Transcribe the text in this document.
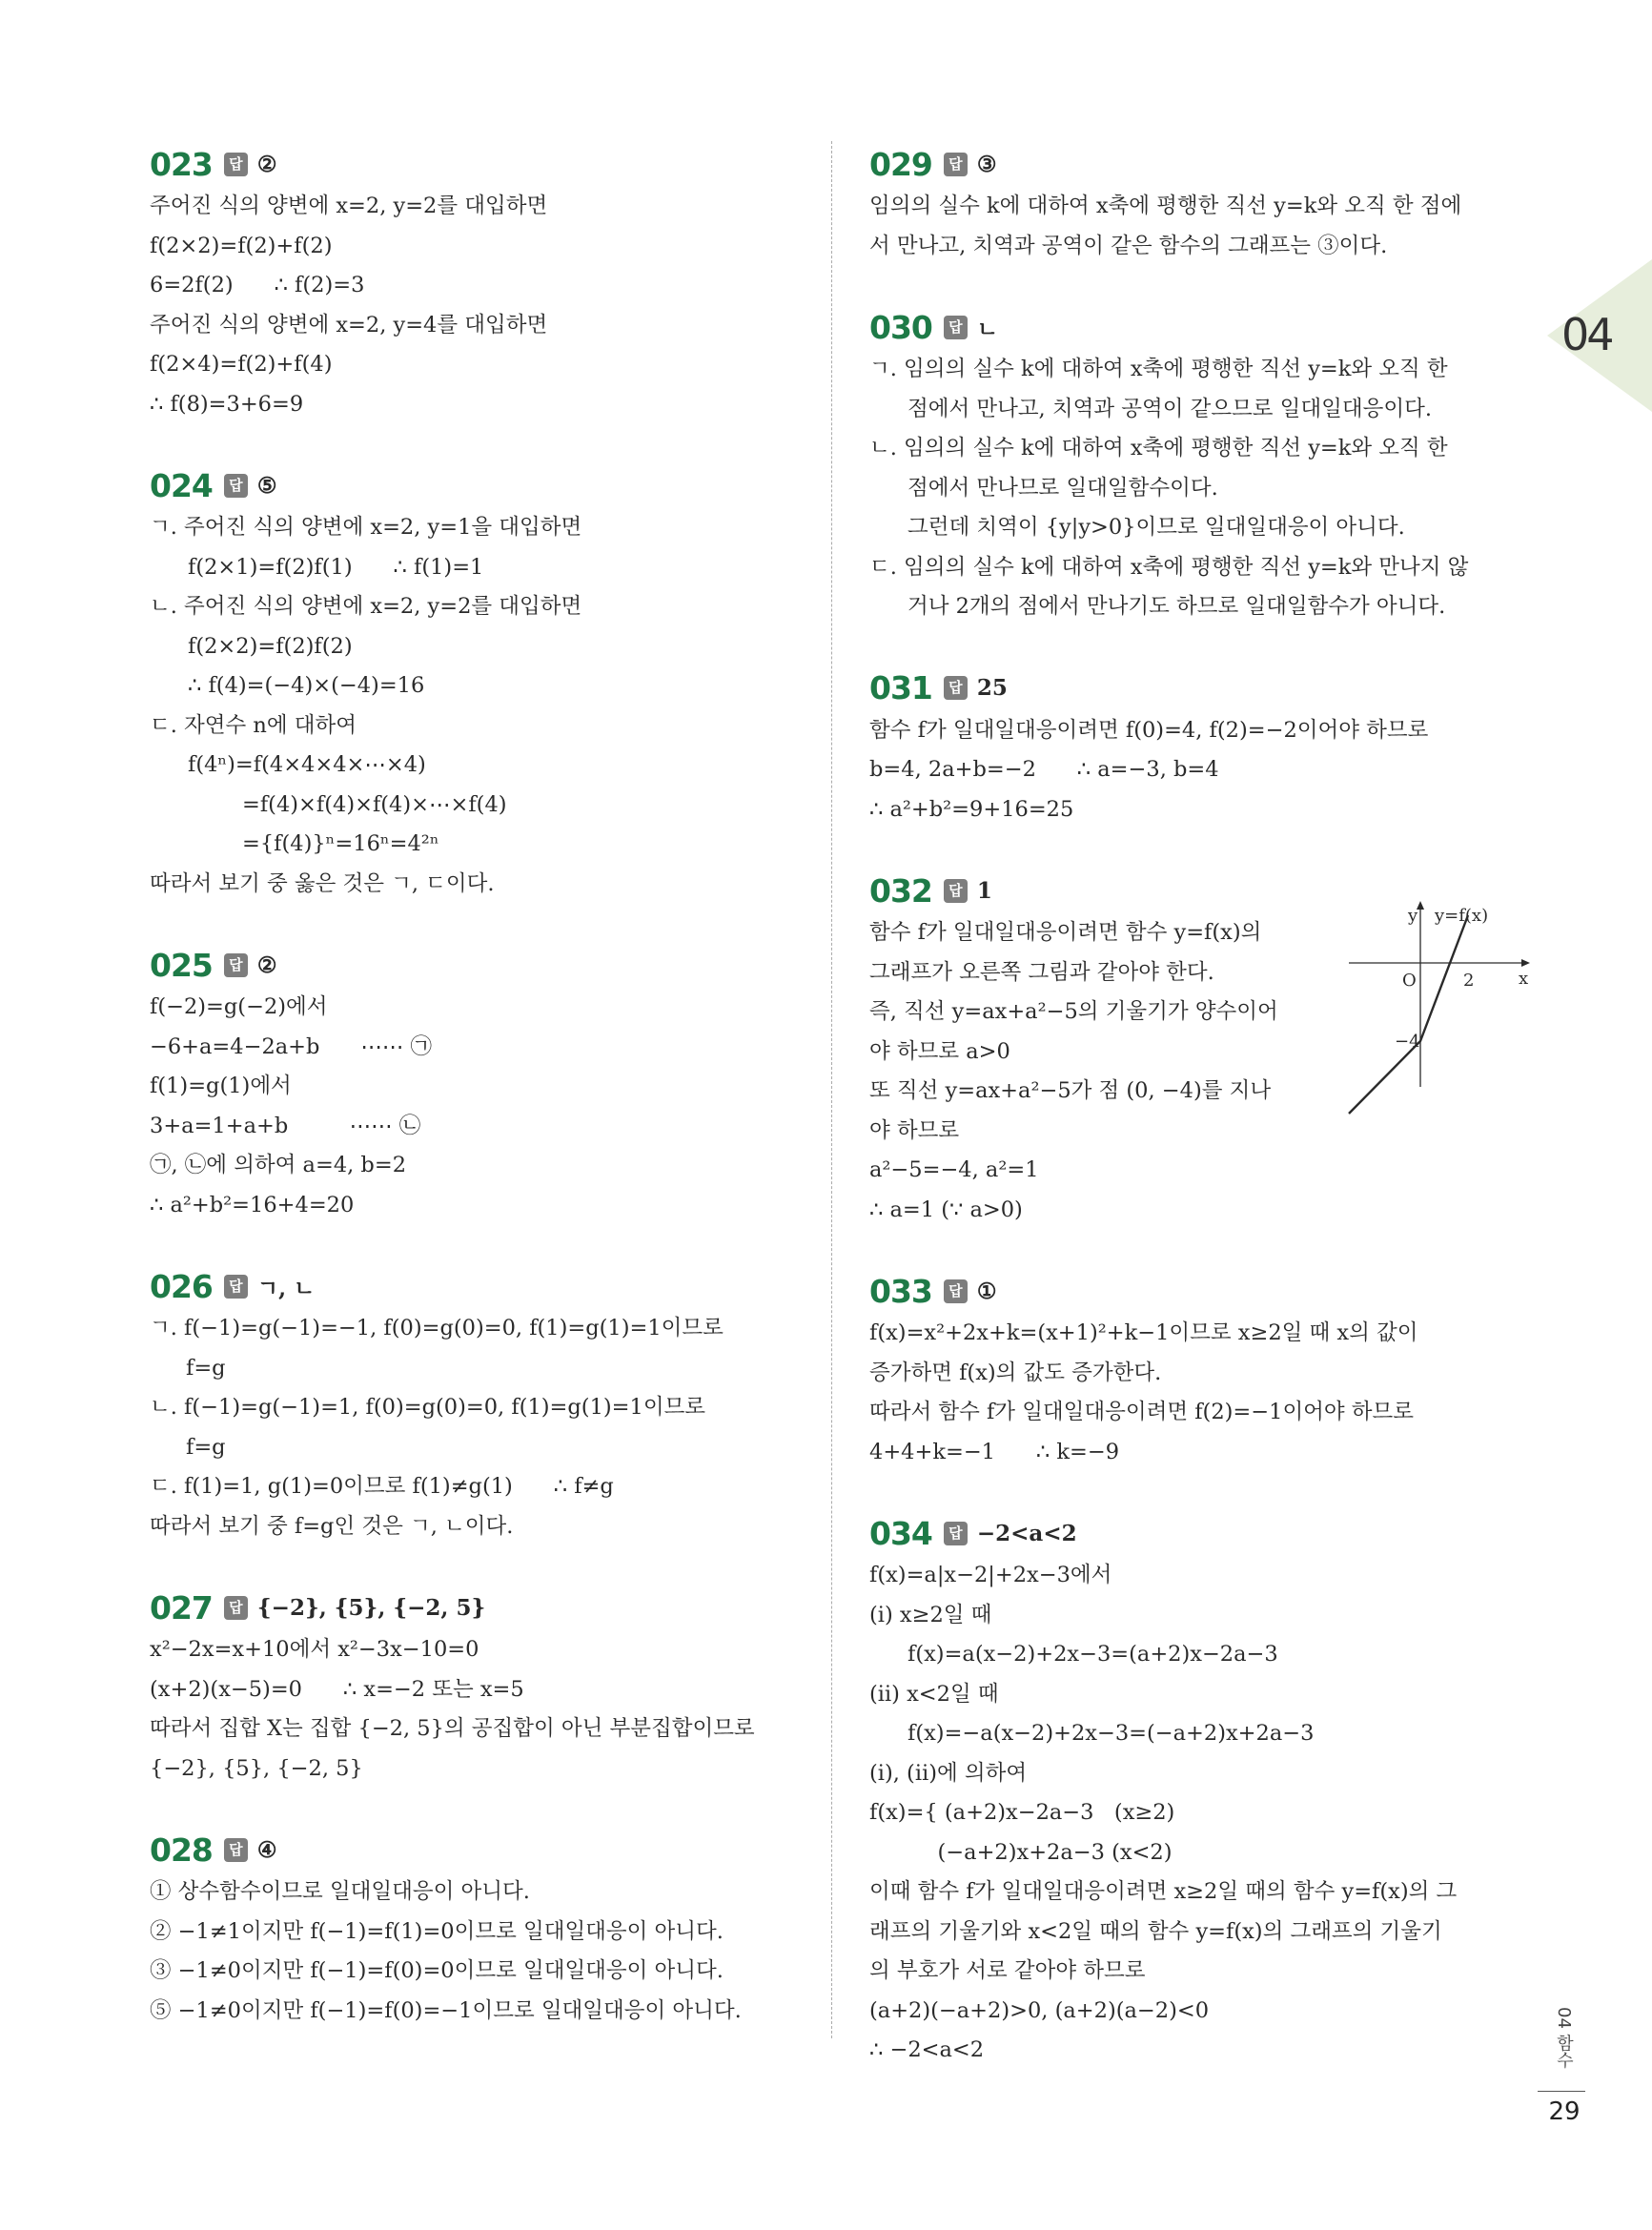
04
023	답 ②
주어진 식의 양변에 x=2, y=2를 대입하면
f(2×2)=f(2)+f(2)
6=2f(2)      ∴ f(2)=3
주어진 식의 양변에 x=2, y=4를 대입하면
f(2×4)=f(2)+f(4)
∴ f(8)=3+6=9
024	답 ⑤
ㄱ. 주어진 식의 양변에 x=2, y=1을 대입하면
f(2×1)=f(2)f(1)      ∴ f(1)=1
ㄴ. 주어진 식의 양변에 x=2, y=2를 대입하면
f(2×2)=f(2)f(2)
∴ f(4)=(−4)×(−4)=16
ㄷ. 자연수 n에 대하여
f(4ⁿ)=f(4×4×4×⋯×4)
=f(4)×f(4)×f(4)×⋯×f(4)
={f(4)}ⁿ=16ⁿ=4²ⁿ
따라서 보기 중 옳은 것은 ㄱ, ㄷ이다.
025	답 ②
f(−2)=g(−2)에서
−6+a=4−2a+b      ⋯⋯ ㉠
f(1)=g(1)에서
3+a=1+a+b         ⋯⋯ ㉡
㉠, ㉡에 의하여 a=4, b=2
∴ a²+b²=16+4=20
026	답 ㄱ, ㄴ
ㄱ. f(−1)=g(−1)=−1, f(0)=g(0)=0, f(1)=g(1)=1이므로
f=g
ㄴ. f(−1)=g(−1)=1, f(0)=g(0)=0, f(1)=g(1)=1이므로
f=g
ㄷ. f(1)=1, g(1)=0이므로 f(1)≠g(1)      ∴ f≠g
따라서 보기 중 f=g인 것은 ㄱ, ㄴ이다.
027	답 {−2}, {5}, {−2, 5}
x²−2x=x+10에서 x²−3x−10=0
(x+2)(x−5)=0      ∴ x=−2 또는 x=5
따라서 집합 X는 집합 {−2, 5}의 공집합이 아닌 부분집합이므로
{−2}, {5}, {−2, 5}
028	답 ④
① 상수함수이므로 일대일대응이 아니다.
② −1≠1이지만 f(−1)=f(1)=0이므로 일대일대응이 아니다.
③ −1≠0이지만 f(−1)=f(0)=0이므로 일대일대응이 아니다.
⑤ −1≠0이지만 f(−1)=f(0)=−1이므로 일대일대응이 아니다.
029	답 ③
임의의 실수 k에 대하여 x축에 평행한 직선 y=k와 오직 한 점에
서 만나고, 치역과 공역이 같은 함수의 그래프는 ③이다.
030	답 ㄴ
ㄱ. 임의의 실수 k에 대하여 x축에 평행한 직선 y=k와 오직 한
점에서 만나고, 치역과 공역이 같으므로 일대일대응이다.
ㄴ. 임의의 실수 k에 대하여 x축에 평행한 직선 y=k와 오직 한
점에서 만나므로 일대일함수이다.
그런데 치역이 {y|y>0}이므로 일대일대응이 아니다.
ㄷ. 임의의 실수 k에 대하여 x축에 평행한 직선 y=k와 만나지 않
거나 2개의 점에서 만나기도 하므로 일대일함수가 아니다.
031	답 25
함수 f가 일대일대응이려면 f(0)=4, f(2)=−2이어야 하므로
b=4, 2a+b=−2      ∴ a=−3, b=4
∴ a²+b²=9+16=25
032	답 1
함수 f가 일대일대응이려면 함수 y=f(x)의
그래프가 오른쪽 그림과 같아야 한다.
즉, 직선 y=ax+a²−5의 기울기가 양수이어
야 하므로 a>0
또 직선 y=ax+a²−5가 점 (0, −4)를 지나
야 하므로
a²−5=−4, a²=1
∴ a=1 (∵ a>0)
033	답 ①
f(x)=x²+2x+k=(x+1)²+k−1이므로 x≥2일 때 x의 값이
증가하면 f(x)의 값도 증가한다.
따라서 함수 f가 일대일대응이려면 f(2)=−1이어야 하므로
4+4+k=−1      ∴ k=−9
034	답 −2<a<2
f(x)=a|x−2|+2x−3에서
(ⅰ) x≥2일 때
f(x)=a(x−2)+2x−3=(a+2)x−2a−3
(ⅱ) x<2일 때
f(x)=−a(x−2)+2x−3=(−a+2)x+2a−3
(ⅰ), (ⅱ)에 의하여
f(x)={ (a+2)x−2a−3   (x≥2)
(−a+2)x+2a−3 (x<2)
이때 함수 f가 일대일대응이려면 x≥2일 때의 함수 y=f(x)의 그
래프의 기울기와 x<2일 때의 함수 y=f(x)의 그래프의 기울기
의 부호가 서로 같아야 하므로
(a+2)(−a+2)>0, (a+2)(a−2)<0
∴ −2<a<2
y y=f(x)
x
O	2
−4
04 함수
29
